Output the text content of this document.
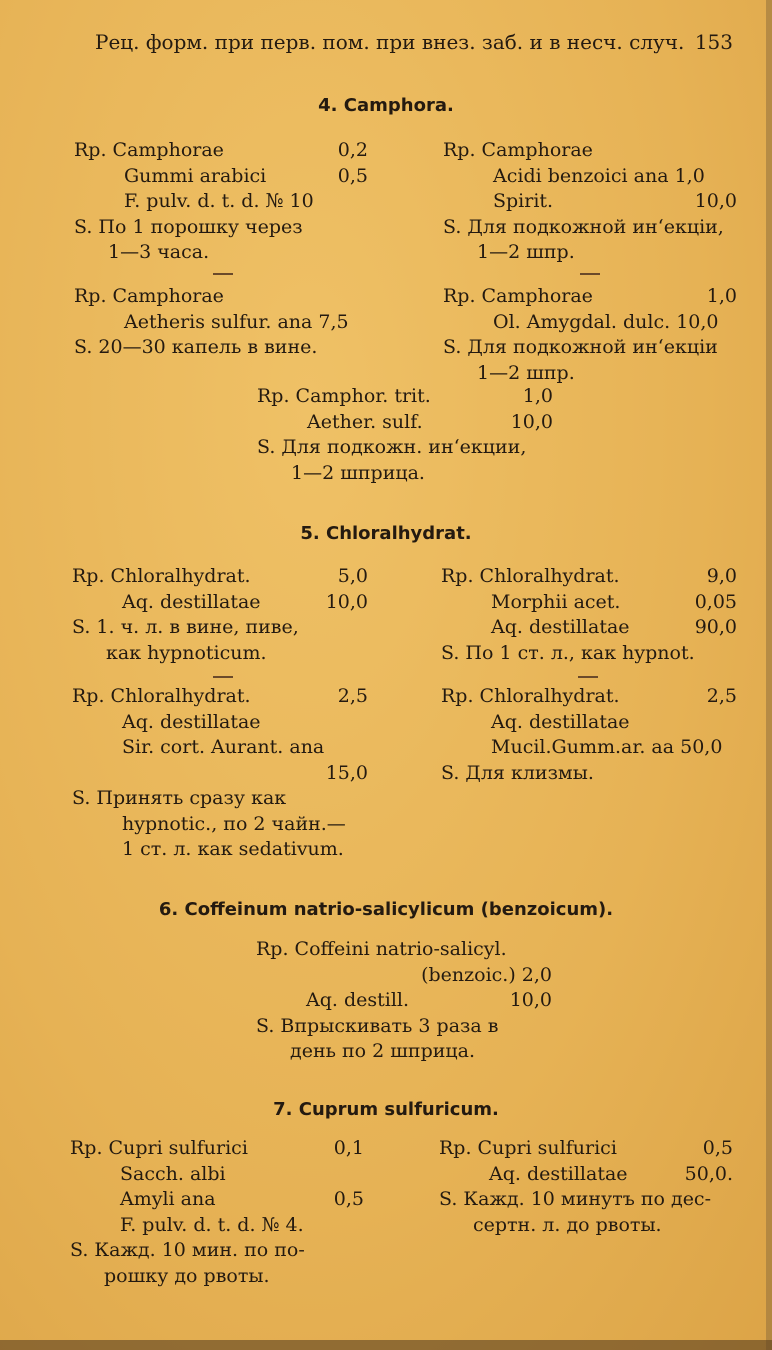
Рец. форм. при перв. пом. при внез. заб. и в несч. случ. 153
4. Camphora.
Rp. Camphorae	0,2
Gummi arabici	0,5
F. pulv. d. t. d. № 10
S. По 1 порошку через
1—3 часа.
Rp. Camphorae
Acidi benzoici ana 1,0
Spirit.	10,0
S. Для подкожной ин‘екціи,
1—2 шпр.
Rp. Camphorae
Aetheris sulfur. ana 7,5
S. 20—30 капель в вине.
Rp. Camphorae	1,0
Ol. Amygdal. dulc. 10,0
S. Для подкожной ин‘екціи
1—2 шпр.
Rp. Camphor. trit.	1,0
Aether. sulf.	10,0
S. Для подкожн. ин‘екции,
1—2 шприца.
5. Chloralhydrat.
Rp. Chloralhydrat.	5,0
Aq. destillatae	10,0
S. 1. ч. л. в вине, пиве,
как hypnoticum.
Rp. Chloralhydrat.	9,0
Morphii acet.	0,05
Aq. destillatae	90,0
S. По 1 ст. л., как hypnot.
Rp. Chloralhydrat.	2,5
Aq. destillatae
Sir. cort. Aurant. ana
15,0
S. Принять сразу как
hypnotic., по 2 чайн.—
1 ст. л. как sedativum.
Rp. Chloralhydrat.	2,5
Aq. destillatae
Mucil.Gumm.ar. aa 50,0
S. Для клизмы.
6. Coffeinum natrio-salicylicum (benzoicum).
Rp. Coffeini natrio-salicyl.
(benzoic.) 2,0
Aq. destill.	10,0
S. Впрыскивать 3 раза в
день по 2 шприца.
7. Cuprum sulfuricum.
Rp. Cupri sulfurici	0,1
Sacch. albi
Amyli ana	0,5
F. pulv. d. t. d. № 4.
S. Кажд. 10 мин. по по-
рошку до рвоты.
Rp. Cupri sulfurici	0,5
Aq. destillatae	50,0.
S. Кажд. 10 минутъ по дес-
сертн. л. до рвоты.
